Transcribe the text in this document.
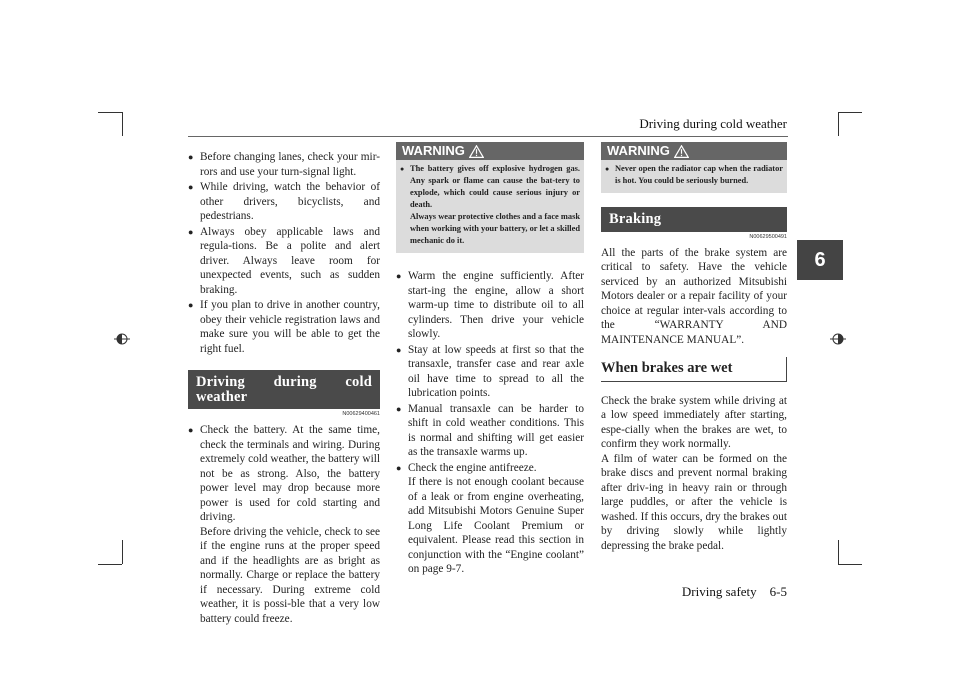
Driving during cold weather
6

● Before changing lanes, check your mir-rors and use your turn-signal light.

● While driving, watch the behavior of other drivers, bicyclists, and pedestrians.

● Always obey applicable laws and regula-tions. Be a polite and alert driver. Always leave room for unexpected events, such as sudden braking.

● If you plan to drive in another country, obey their vehicle registration laws and make sure you will be able to get the right fuel.

Driving during cold weather
N00629400461

● Check the battery. At the same time, check the terminals and wiring. During extremely cold weather, the battery will not be as strong. Also, the battery power level may drop because more power is used for cold starting and driving.

Before driving the vehicle, check to see if the engine runs at the proper speed and if the headlights are as bright as normally. Charge or replace the battery if necessary. During extreme cold weather, it is possi-ble that a very low battery could freeze.

WARNING

● The battery gives off explosive hydrogen gas. Any spark or flame can cause the bat-tery to explode, which could cause serious injury or death.

Always wear protective clothes and a face mask when working with your battery, or let a skilled mechanic do it.

● Warm the engine sufficiently. After start-ing the engine, allow a short warm-up time to distribute oil to all cylinders. Then drive your vehicle slowly.

● Stay at low speeds at first so that the transaxle, transfer case and rear axle oil have time to spread to all the lubrication points.

● Manual transaxle can be harder to shift in cold weather conditions. This is normal and shifting will get easier as the transaxle warms up.

● Check the engine antifreeze.

If there is not enough coolant because of a leak or from engine overheating, add Mitsubishi Motors Genuine Super Long Life Coolant Premium or equivalent. Please read this section in conjunction with the “Engine coolant” on page 9-7.

WARNING

● Never open the radiator cap when the radiator is hot. You could be seriously burned.

Braking
N00629500491

All the parts of the brake system are critical to safety. Have the vehicle serviced by an authorized Mitsubishi Motors dealer or a repair facility of your choice at regular inter-vals according to the “WARRANTY AND MAINTENANCE MANUAL”.

When brakes are wet

Check the brake system while driving at a low speed immediately after starting, espe-cially when the brakes are wet, to confirm they work normally.

A film of water can be formed on the brake discs and prevent normal braking after driv-ing in heavy rain or through large puddles, or after the vehicle is washed. If this occurs, dry the brakes out by driving slowly while lightly depressing the brake pedal.

Driving safety 6-5
